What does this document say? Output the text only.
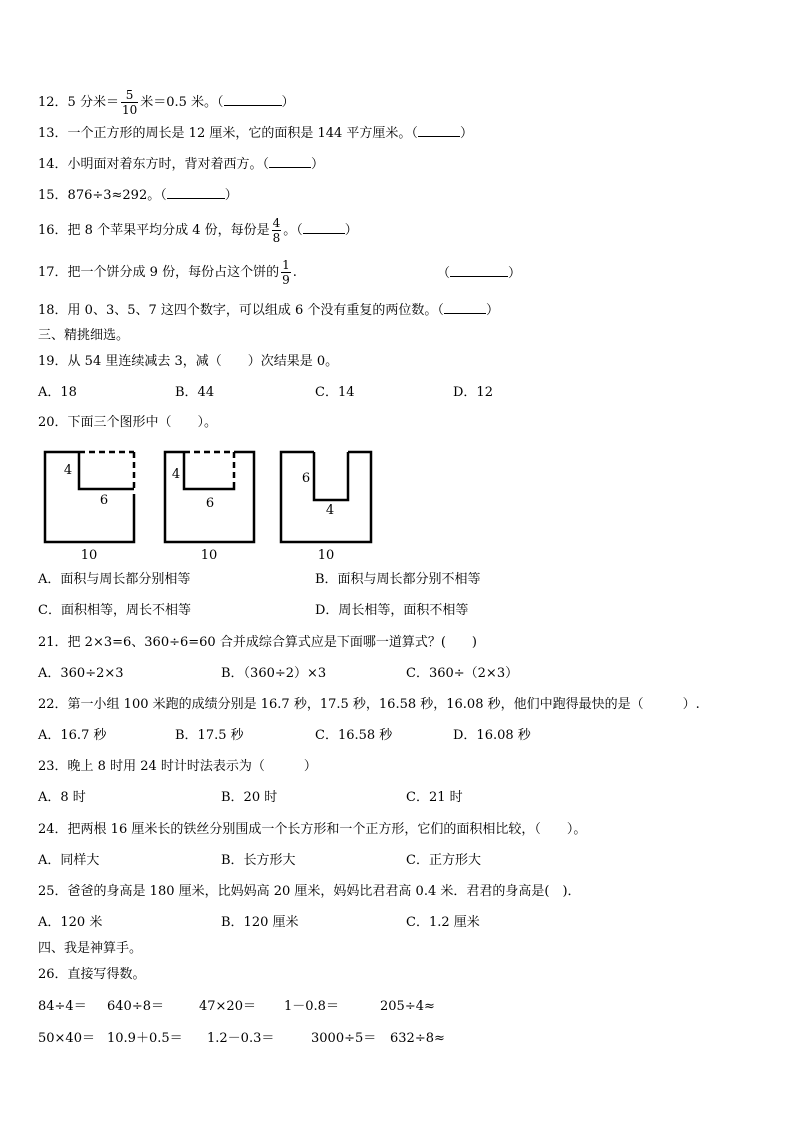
12．5 分米＝ $\frac{5}{10}$ 米＝0.5 米。（	）
13．一个正方形的周长是 12 厘米，它的面积是 144 平方厘米。（	）
14．小明面对着东方时，背对着西方。（	）
15．876÷3≈292。（	）
16．把 8 个苹果平均分成 4 份，每份是 $\frac{4}{8}$ 。（	）
17．把一个饼分成 9 份，每份占这个饼的 $\frac{1}{9}$ .	（	）
18．用 0、3、5、7 这四个数字，可以组成 6 个没有重复的两位数。（	）
三、精挑细选。
19．从 54 里连续减去 3，减（　　）次结果是 0。
A．18	B．44	C．14	D．12
20．下面三个图形中（　　）。
4
6
10
4
6
10
6
4
10
A．面积与周长都分别相等	B．面积与周长都分别不相等
C．面积相等，周长不相等	D．周长相等，面积不相等
21．把 2×3=6、360÷6=60 合并成综合算式应是下面哪一道算式？(　　)
A．360÷2×3	B．（360÷2）×3	C．360÷（2×3）
22．第一小组 100 米跑的成绩分别是 16.7 秒，17.5 秒，16.58 秒，16.08 秒，他们中跑得最快的是（　　　）.
A．16.7 秒	B．17.5 秒	C．16.58 秒	D．16.08 秒
23．晚上 8 时用 24 时计时法表示为（　　　）
A．8 时	B．20 时	C．21 时
24．把两根 16 厘米长的铁丝分别围成一个长方形和一个正方形，它们的面积相比较，（　　）。
A．同样大	B．长方形大	C．正方形大
25．爸爸的身高是 180 厘米，比妈妈高 20 厘米，妈妈比君君高 0.4 米．君君的身高是(　)．
A．120 米	B．120 厘米	C．1.2 厘米
四、我是神算手。
26．直接写得数。
84÷4＝ 640÷8＝	47×20＝ 1－0.8＝	205÷4≈
50×40＝ 10.9＋0.5＝ 1.2－0.3＝	3000÷5＝ 632÷8≈
